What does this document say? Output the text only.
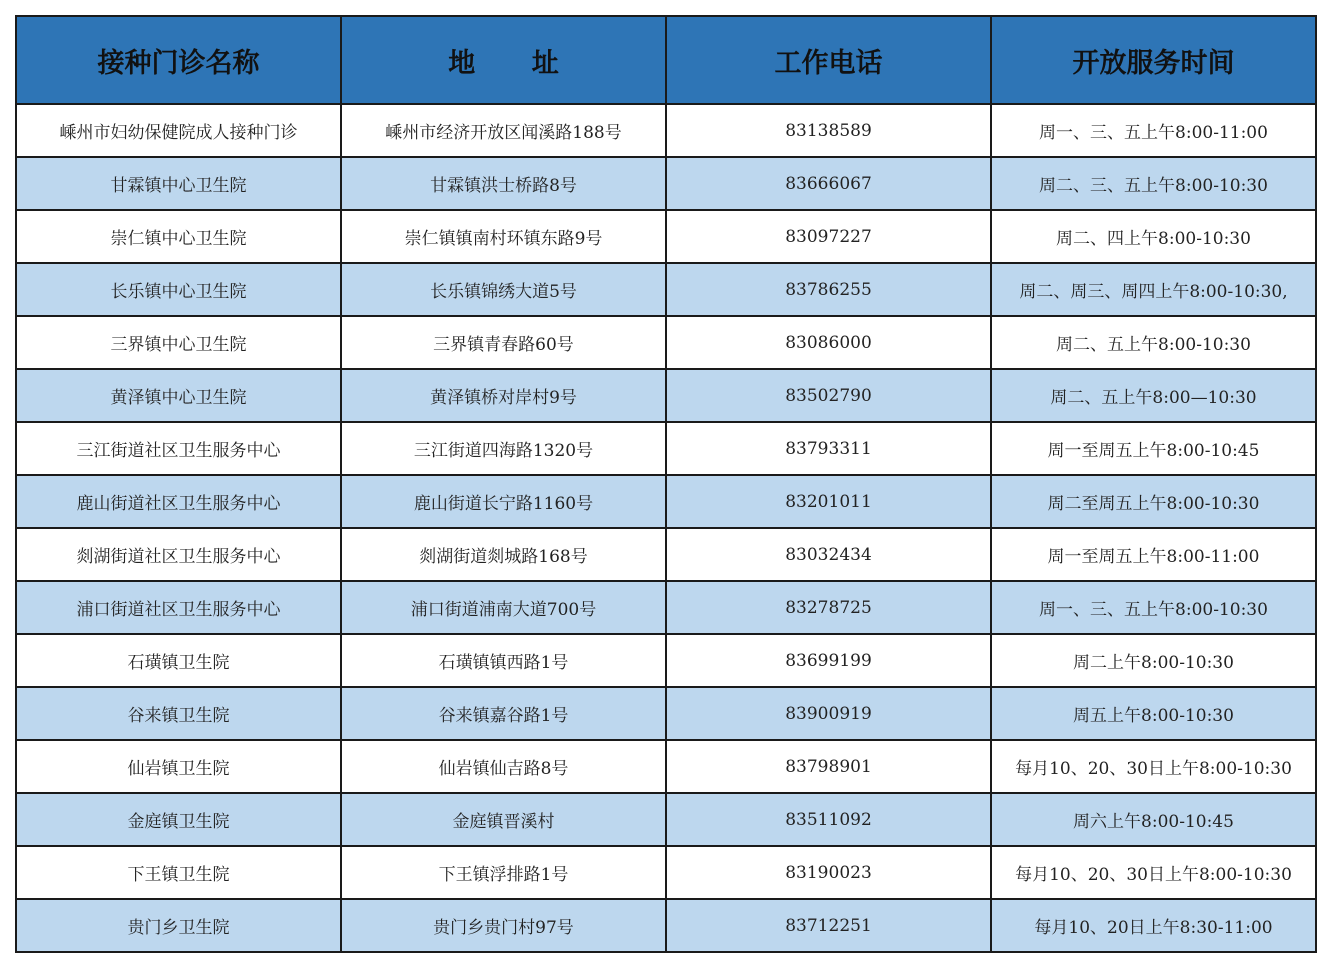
接种门诊名称	地      址	工作电话	开放服务时间
嵊州市妇幼保健院成人接种门诊	嵊州市经济开放区闻溪路188号	83138589	周一、三、五上午8:00-11:00
甘霖镇中心卫生院	甘霖镇洪士桥路8号	83666067	周二、三、五上午8:00-10:30
崇仁镇中心卫生院	崇仁镇镇南村环镇东路9号	83097227	周二、四上午8:00-10:30
长乐镇中心卫生院	长乐镇锦绣大道5号	83786255	周二、周三、周四上午8:00-10:30,
三界镇中心卫生院	三界镇青春路60号	83086000	周二、五上午8:00-10:30
黄泽镇中心卫生院	黄泽镇桥对岸村9号	83502790	周二、五上午8:00—10:30
三江街道社区卫生服务中心	三江街道四海路1320号	83793311	周一至周五上午8:00-10:45
鹿山街道社区卫生服务中心	鹿山街道长宁路1160号	83201011	周二至周五上午8:00-10:30
剡湖街道社区卫生服务中心	剡湖街道剡城路168号	83032434	周一至周五上午8:00-11:00
浦口街道社区卫生服务中心	浦口街道浦南大道700号	83278725	周一、三、五上午8:00-10:30
石璜镇卫生院	石璜镇镇西路1号	83699199	周二上午8:00-10:30
谷来镇卫生院	谷来镇嘉谷路1号	83900919	周五上午8:00-10:30
仙岩镇卫生院	仙岩镇仙吉路8号	83798901	每月10、20、30日上午8:00-10:30
金庭镇卫生院	金庭镇晋溪村	83511092	周六上午8:00-10:45
下王镇卫生院	下王镇浮排路1号	83190023	每月10、20、30日上午8:00-10:30
贵门乡卫生院	贵门乡贵门村97号	83712251	每月10、20日上午8:30-11:00
